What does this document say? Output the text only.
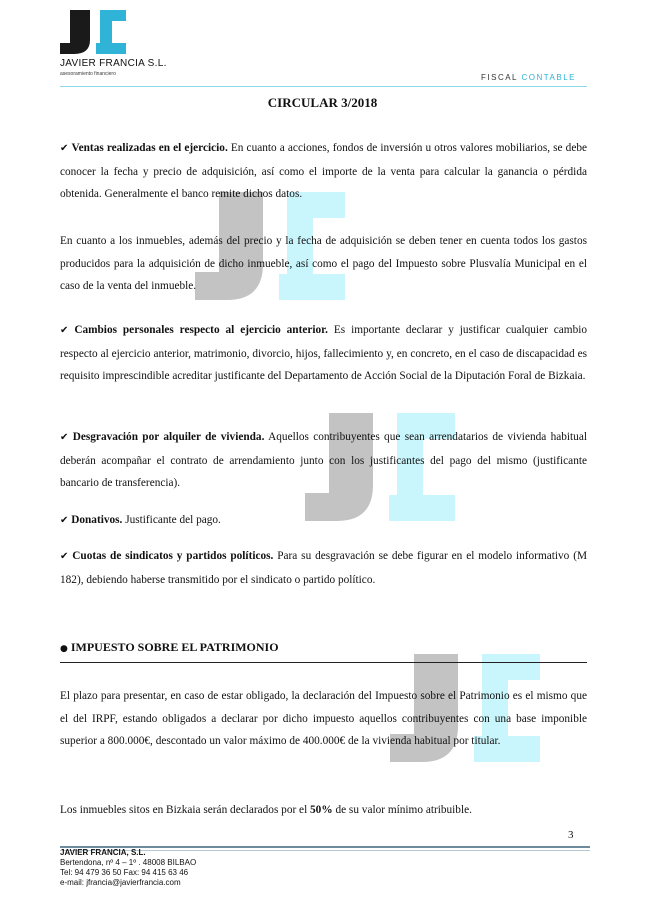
JAVIER FRANCIA S.L.
asesoramiento financiero	FISCAL CONTABLE
CIRCULAR 3/2018
✔ Ventas realizadas en el ejercicio. En cuanto a acciones, fondos de inversión u otros valores mobiliarios, se debe conocer la fecha y precio de adquisición, así como el importe de la venta para calcular la ganancia o pérdida obtenida. Generalmente el banco remite dichos datos.
En cuanto a los inmuebles, además del precio y la fecha de adquisición se deben tener en cuenta todos los gastos producidos para la adquisición de dicho inmueble, así como el pago del Impuesto sobre Plusvalía Municipal en el caso de la venta del inmueble.
✔ Cambios personales respecto al ejercicio anterior. Es importante declarar y justificar cualquier cambio respecto al ejercicio anterior, matrimonio, divorcio, hijos, fallecimiento y, en concreto, en el caso de discapacidad es requisito imprescindible acreditar justificante del Departamento de Acción Social de la Diputación Foral de Bizkaia.
✔ Desgravación por alquiler de vivienda. Aquellos contribuyentes que sean arrendatarios de vivienda habitual deberán acompañar el contrato de arrendamiento junto con los justificantes del pago del mismo (justificante bancario de transferencia).
✔ Donativos. Justificante del pago.
✔ Cuotas de sindicatos y partidos políticos. Para su desgravación se debe figurar en el modelo informativo (M 182), debiendo haberse transmitido por el sindicato o partido político.
● IMPUESTO SOBRE EL PATRIMONIO
El plazo para presentar, en caso de estar obligado, la declaración del Impuesto sobre el Patrimonio es el mismo que el del IRPF, estando obligados a declarar por dicho impuesto aquellos contribuyentes con una base imponible superior a 800.000€, descontado un valor máximo de 400.000€ de la vivienda habitual por titular.
Los inmuebles sitos en Bizkaia serán declarados por el 50% de su valor mínimo atribuible.
3
JAVIER FRANCIA, S.L.
Bertendona, nº 4 – 1º . 48008 BILBAO
Tel: 94 479 36 50 Fax: 94 415 63 46
e-mail: jfrancia@javierfrancia.com
